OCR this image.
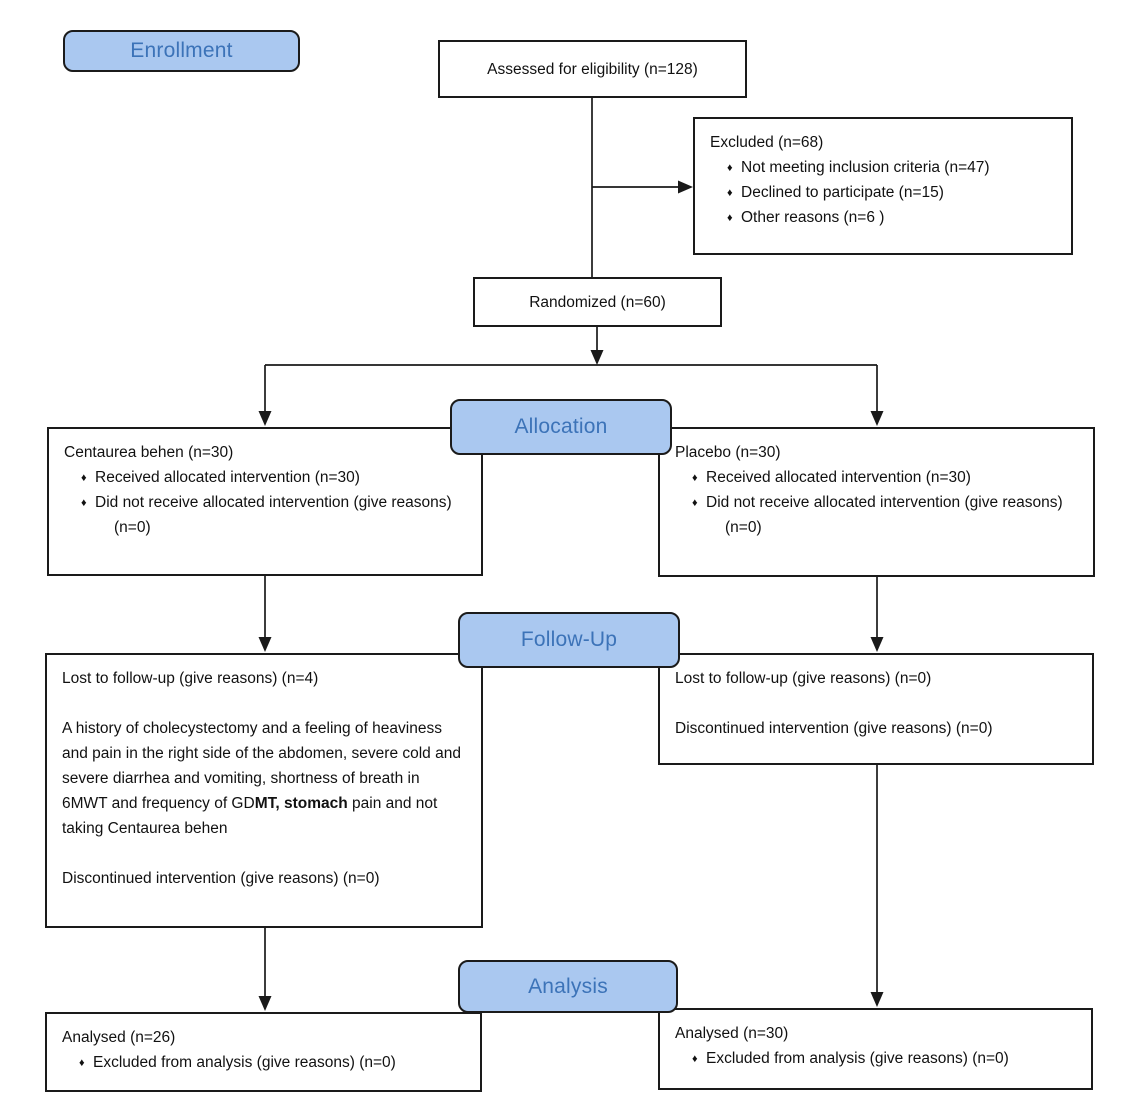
Enrollment
Allocation
Follow-Up
Analysis
Assessed for eligibility (n=128)
Excluded (n=68)
♦ Not meeting inclusion criteria (n=47)
♦ Declined to participate (n=15)
♦ Other reasons (n=6 )
Randomized (n=60)
Centaurea behen (n=30)
♦ Received allocated intervention (n=30)
♦ Did not receive allocated intervention (give reasons) (n=0)
Placebo (n=30)
♦ Received allocated intervention (n=30)
♦ Did not receive allocated intervention (give reasons) (n=0)

Lost to follow-up (give reasons) (n=4)

A history of cholecystectomy and a feeling of heaviness and pain in the right side of the abdomen, severe cold and severe diarrhea and vomiting, shortness of breath in 6MWT and frequency of GDMT, stomach pain and not taking Centaurea behen

Discontinued intervention (give reasons) (n=0)

Lost to follow-up (give reasons) (n=0)

Discontinued intervention (give reasons) (n=0)

Analysed (n=26)
♦ Excluded from analysis (give reasons) (n=0)
Analysed (n=30)
♦ Excluded from analysis (give reasons) (n=0)
